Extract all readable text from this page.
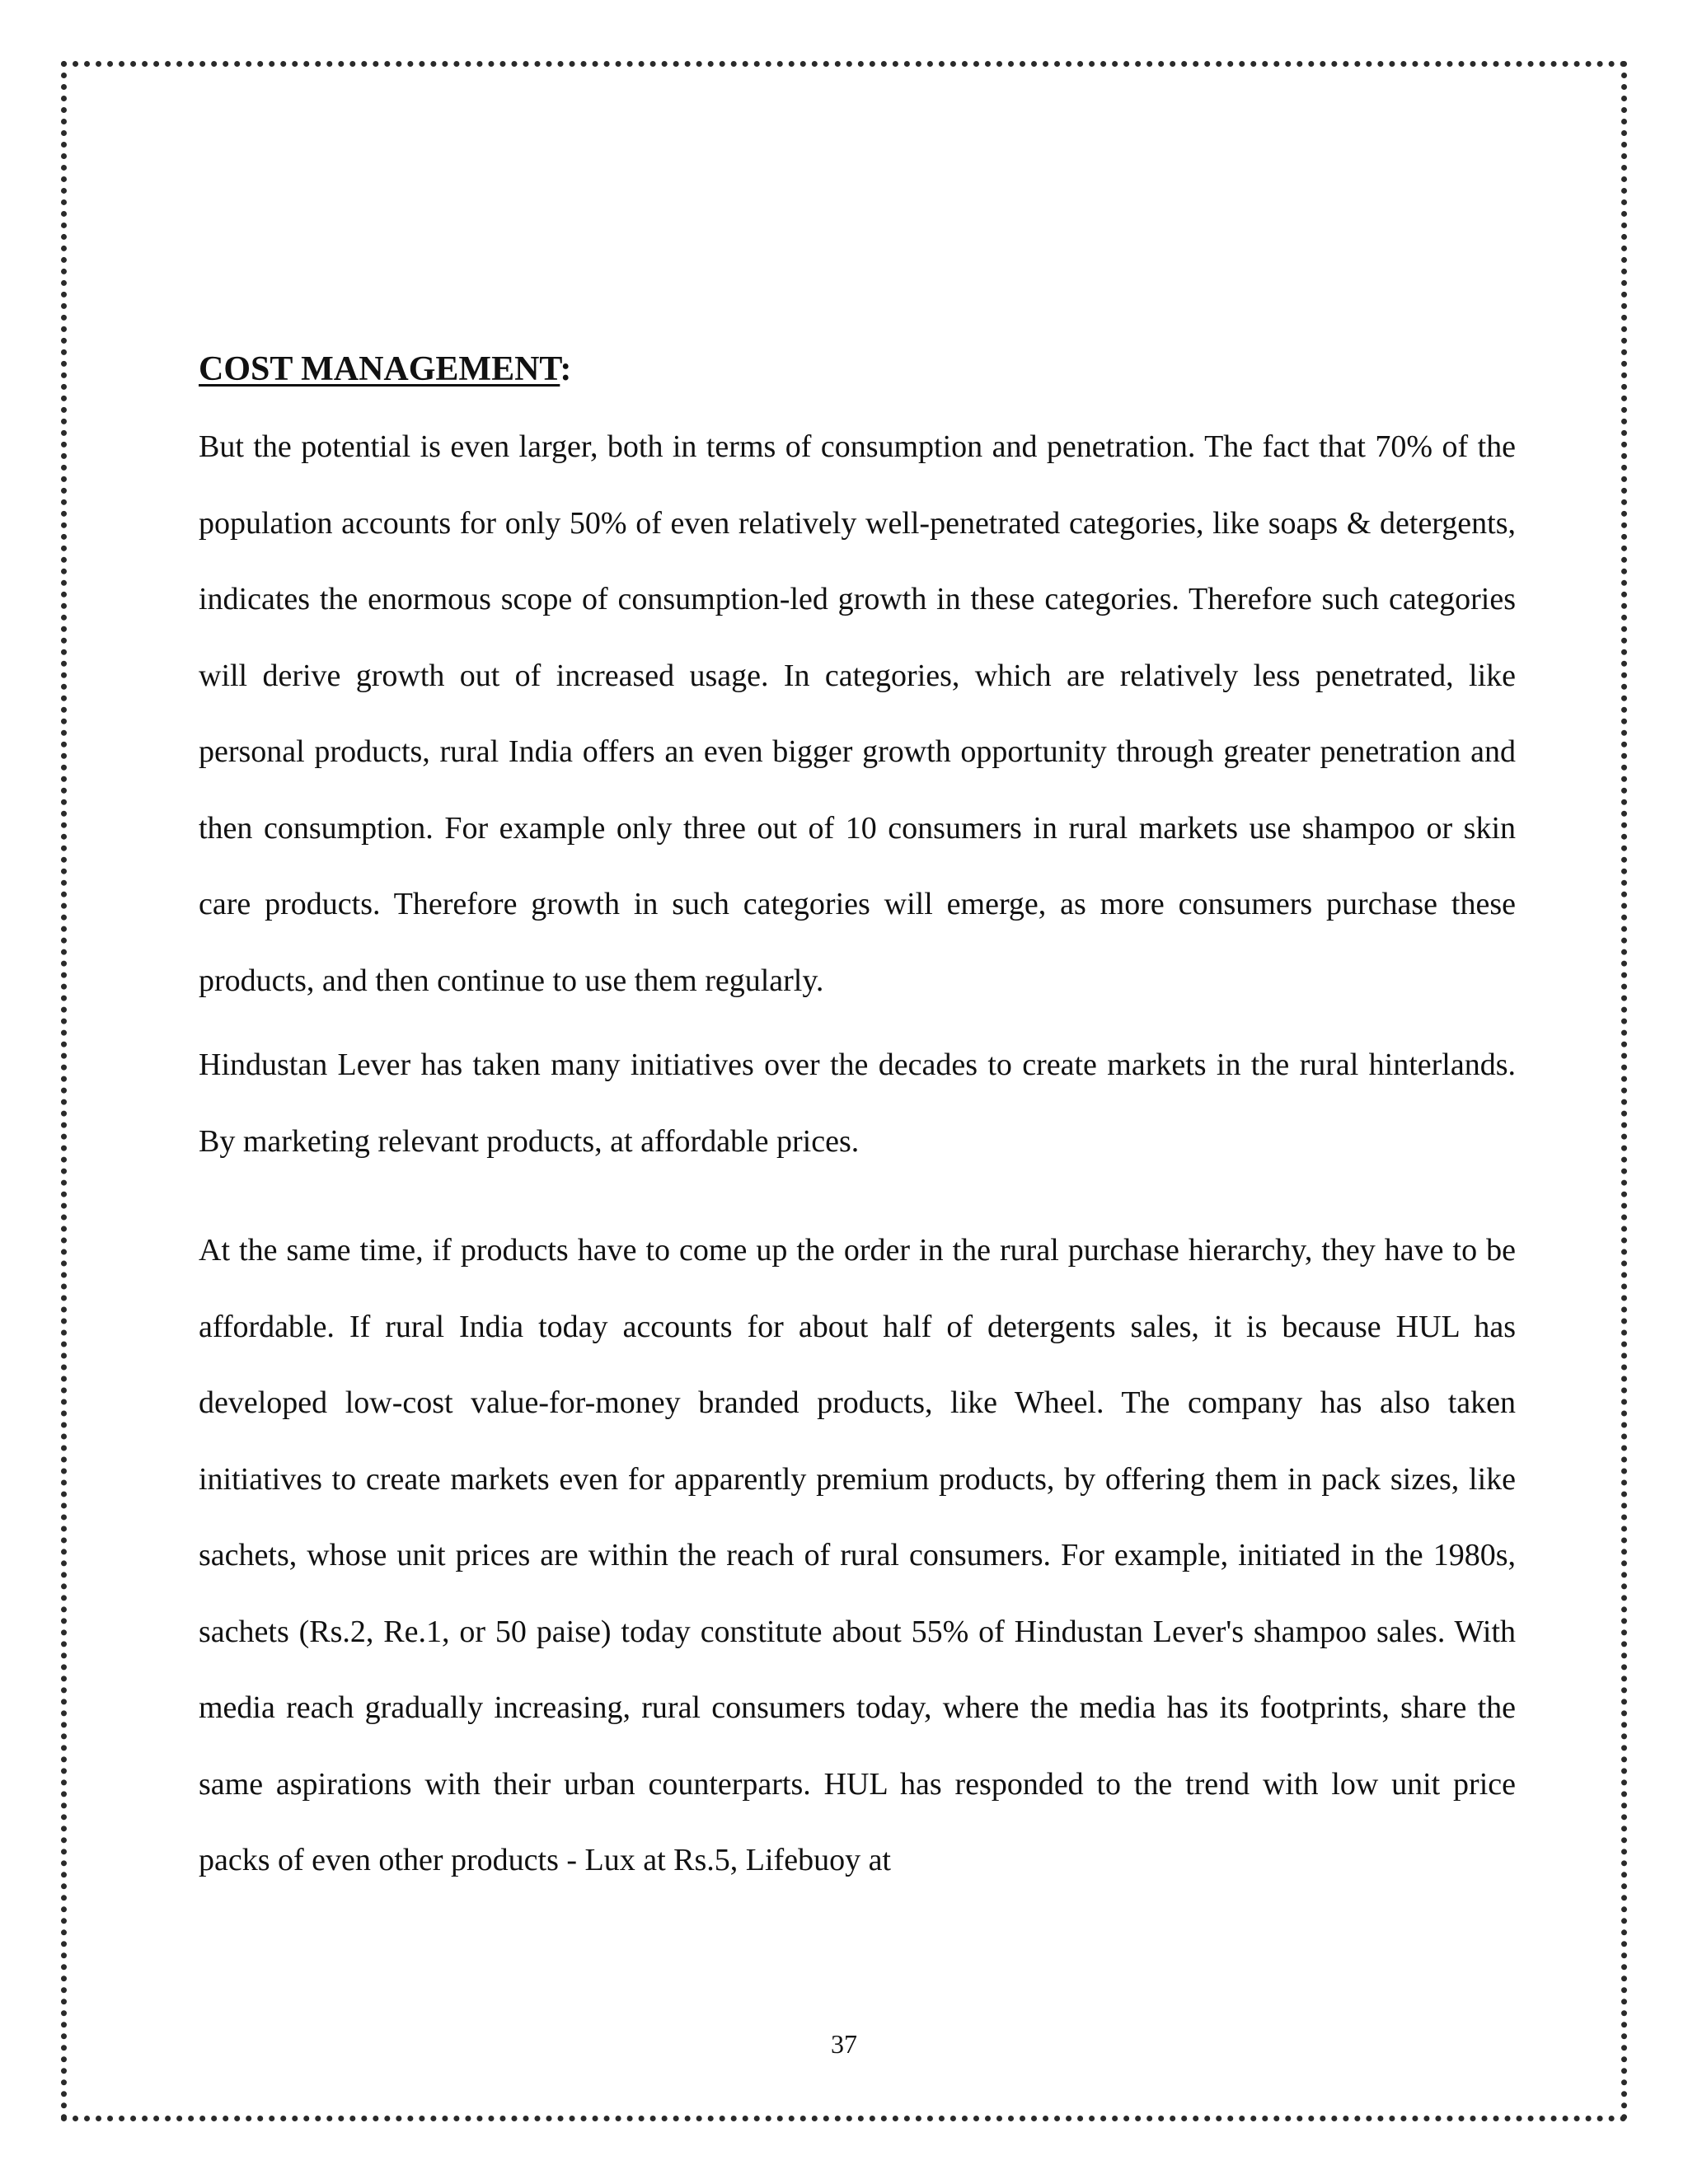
COST MANAGEMENT:

But the potential is even larger, both in terms of consumption and penetration. The fact that 70% of the population accounts for only 50% of even relatively well-penetrated categories, like soaps & detergents, indicates the enormous scope of consumption-led growth in these categories. Therefore such categories will derive growth out of increased usage. In categories, which are relatively less penetrated, like personal products, rural India offers an even bigger growth opportunity through greater penetration and then consumption. For example only three out of 10 consumers in rural markets use shampoo or skin care products. Therefore growth in such categories will emerge, as more consumers purchase these products, and then continue to use them regularly.

Hindustan Lever has taken many initiatives over the decades to create markets in the rural hinterlands. By marketing relevant products, at affordable prices.

At the same time, if products have to come up the order in the rural purchase hierarchy, they have to be affordable. If rural India today accounts for about half of detergents sales, it is because HUL has developed low-cost value-for-money branded products, like Wheel. The company has also taken initiatives to create markets even for apparently premium products, by offering them in pack sizes, like sachets, whose unit prices are within the reach of rural consumers. For example, initiated in the 1980s, sachets (Rs.2, Re.1, or 50 paise) today constitute about 55% of Hindustan Lever's shampoo sales. With media reach gradually increasing, rural consumers today, where the media has its footprints, share the same aspirations with their urban counterparts. HUL has responded to the trend with low unit price packs of even other products - Lux at Rs.5, Lifebuoy at

37
